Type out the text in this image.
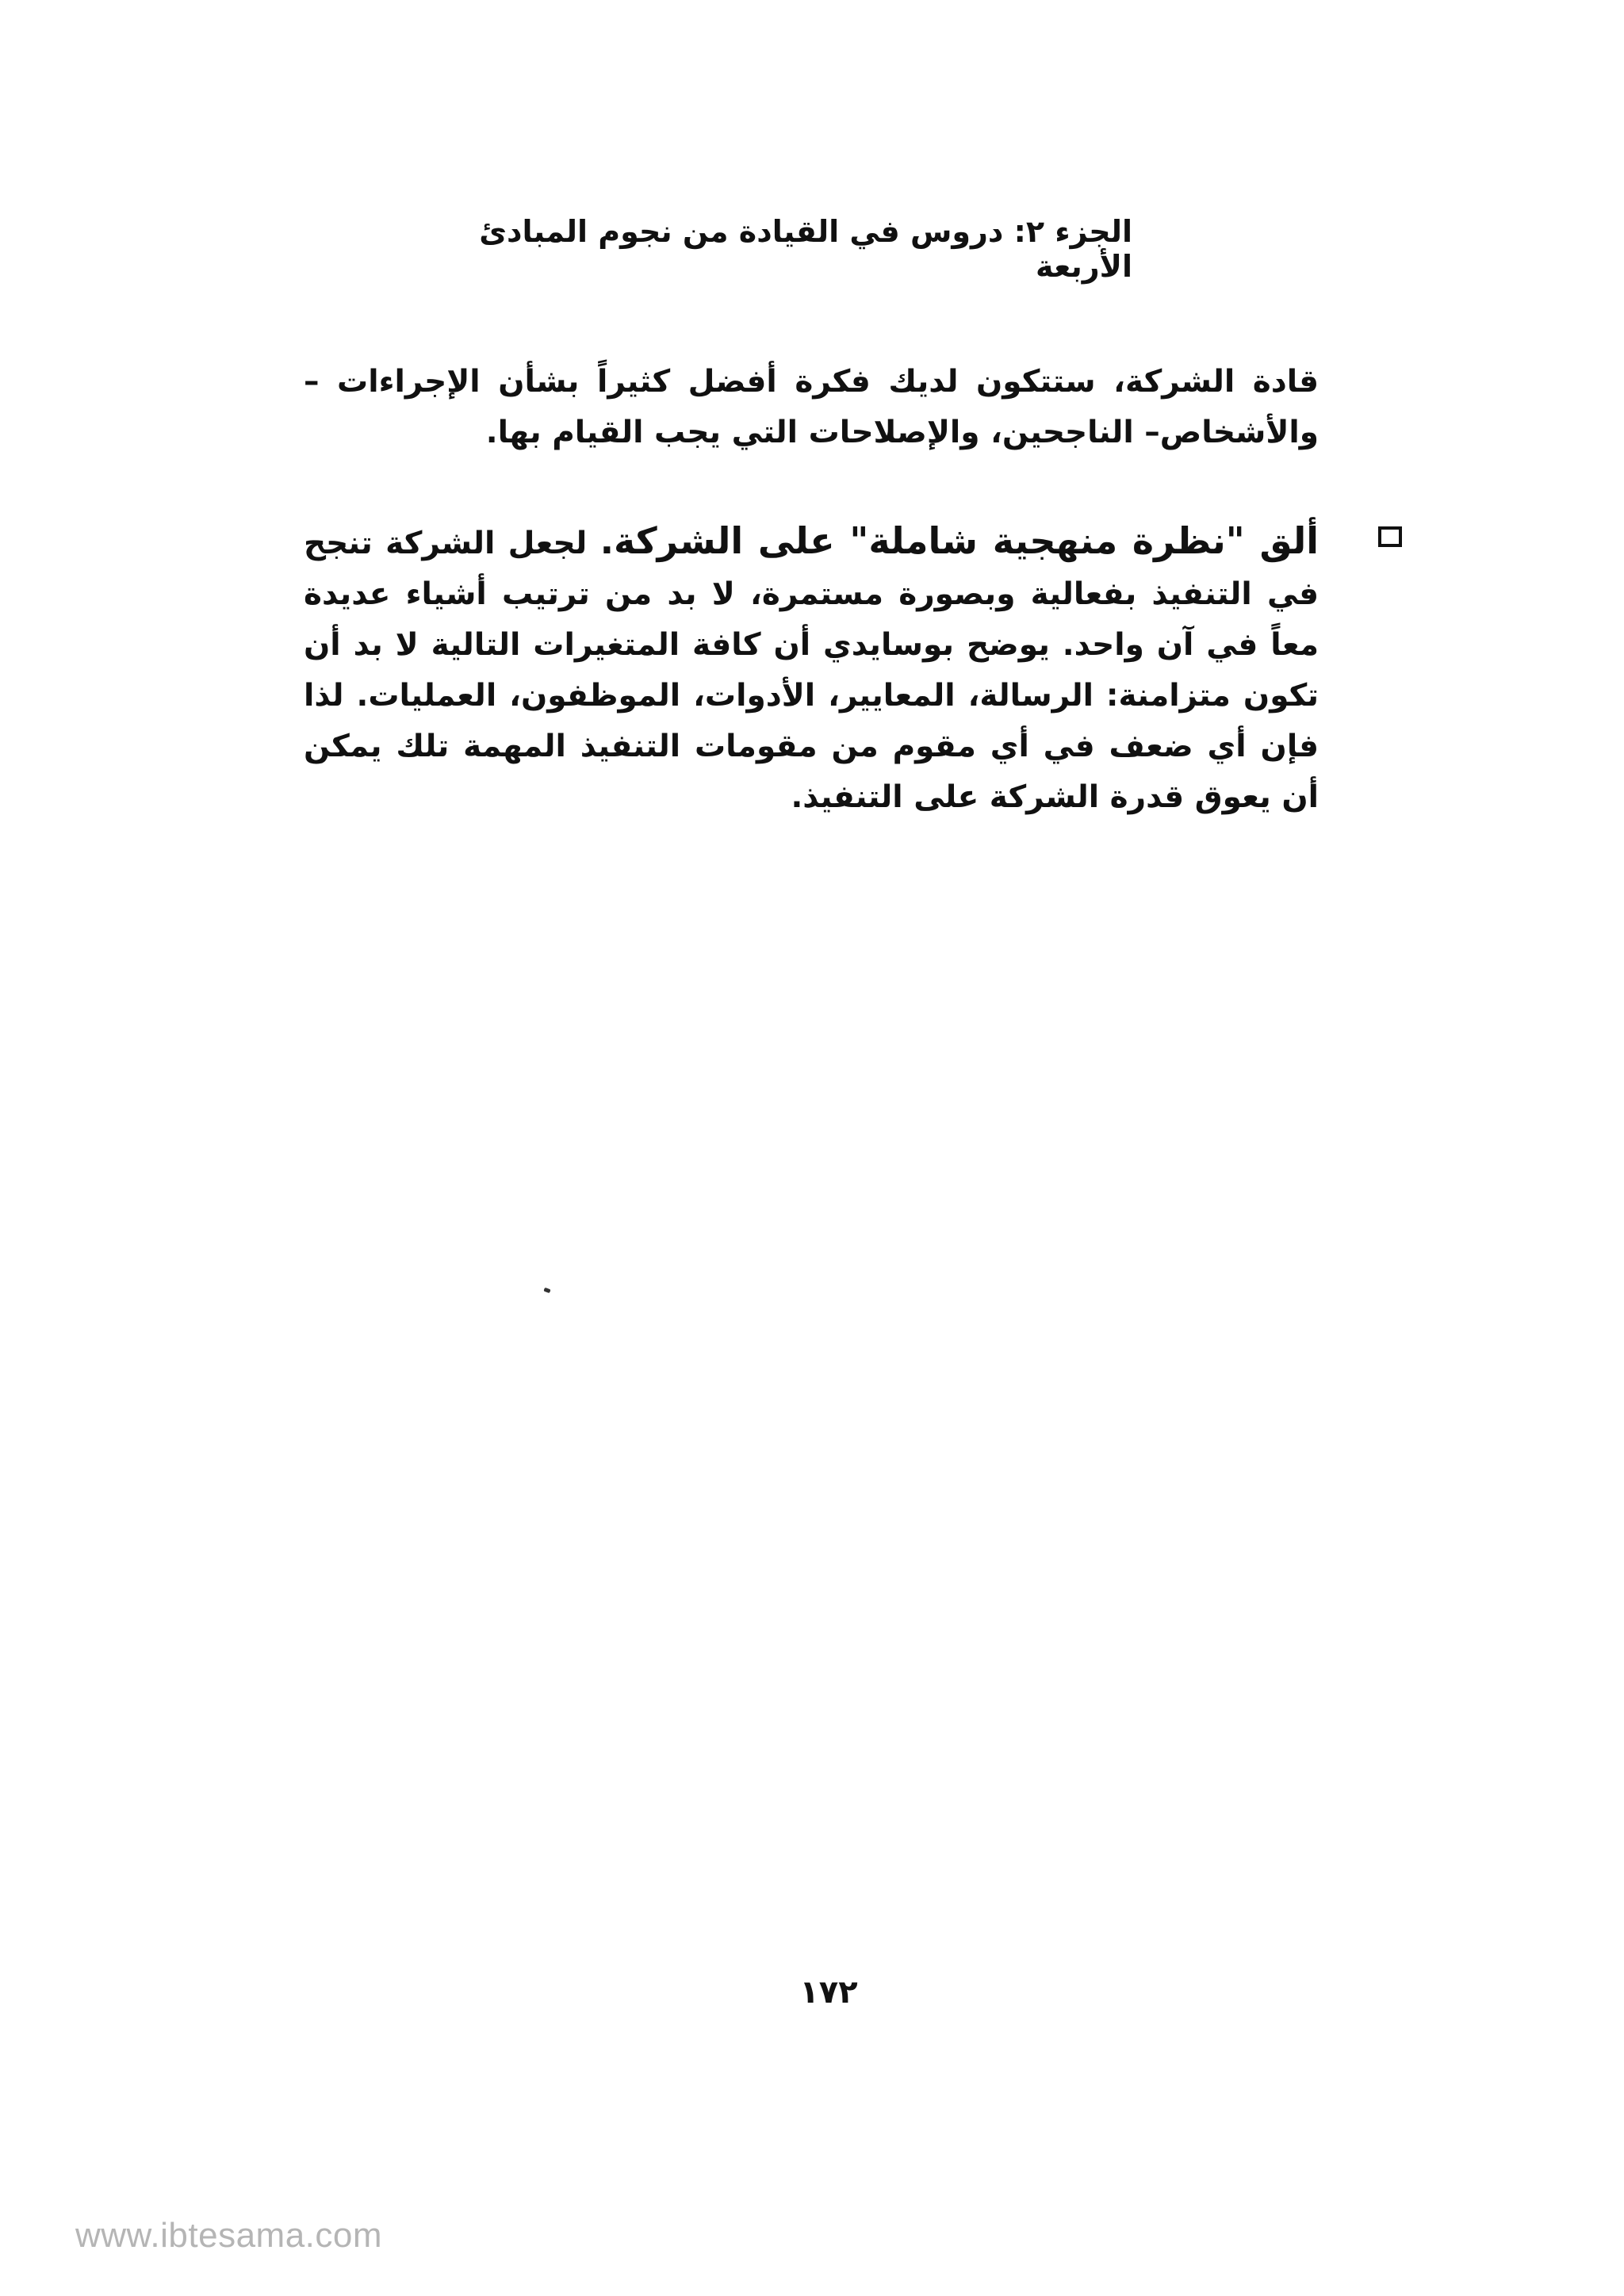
الجزء ٢: دروس في القيادة من نجوم المبادئ الأربعة
قادة الشركة، ستتكون لديك فكرة أفضل كثيراً بشأن الإجراءات –والأشخاص– الناجحين، والإصلاحات التي يجب القيام بها.
ألق "نظرة منهجية شاملة" على الشركة. لجعل الشركة تنجح في التنفيذ بفعالية وبصورة مستمرة، لا بد من ترتيب أشياء عديدة معاً في آن واحد. يوضح بوسايدي أن كافة المتغيرات التالية لا بد أن تكون متزامنة: الرسالة، المعايير، الأدوات، الموظفون، العمليات. لذا فإن أي ضعف في أي مقوم من مقومات التنفيذ المهمة تلك يمكن أن يعوق قدرة الشركة على التنفيذ.
١٧٢
www.ibtesama.com
